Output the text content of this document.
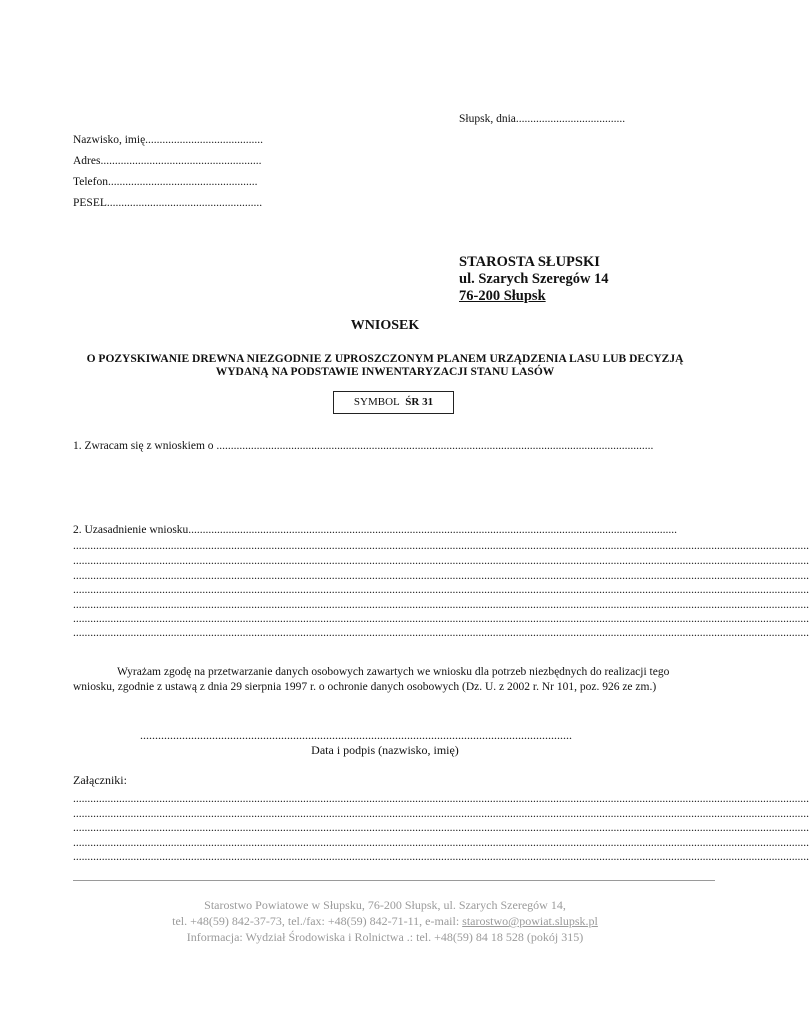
Słupsk, dnia......................................
Nazwisko, imię.........................................
Adres........................................................
Telefon....................................................
PESEL......................................................
STAROSTA SŁUPSKI
ul. Szarych Szeregów 14
76-200 Słupsk
WNIOSEK
O POZYSKIWANIE DREWNA NIEZGODNIE Z UPROSZCZONYM PLANEM URZĄDZENIA LASU LUB DECYZJĄ WYDANĄ NA PODSTAWIE INWENTARYZACJI STANU LASÓW
SYMBOL ŚR 31
1. Zwracam się z wnioskiem o ........................................................................................................................................................
2. Uzasadnienie wniosku..........................................................................................................................................................................
................................................................................................................................................................................................................................................................
................................................................................................................................................................................................................................................................
................................................................................................................................................................................................................................................................
................................................................................................................................................................................................................................................................
................................................................................................................................................................................................................................................................
................................................................................................................................................................................................................................................................
................................................................................................................................................................................................................................................................
Wyrażam zgodę na przetwarzanie danych osobowych zawartych we wniosku dla potrzeb niezbędnych do realizacji tego wniosku, zgodnie z ustawą z dnia 29 sierpnia 1997 r. o ochronie danych osobowych (Dz. U. z 2002 r. Nr 101, poz. 926 ze zm.)
................................................................................................................................................
Data i podpis (nazwisko, imię)
Załączniki:
................................................................................................................................................................................................................................................................
................................................................................................................................................................................................................................................................
................................................................................................................................................................................................................................................................
................................................................................................................................................................................................................................................................
................................................................................................................................................................................................................................................................
Starostwo Powiatowe w Słupsku, 76-200 Słupsk, ul. Szarych Szeregów 14,
tel. +48(59) 842-37-73, tel./fax: +48(59) 842-71-11, e-mail: starostwo@powiat.slupsk.pl
Informacja: Wydział Środowiska i Rolnictwa .: tel. +48(59) 84 18 528 (pokój 315)
